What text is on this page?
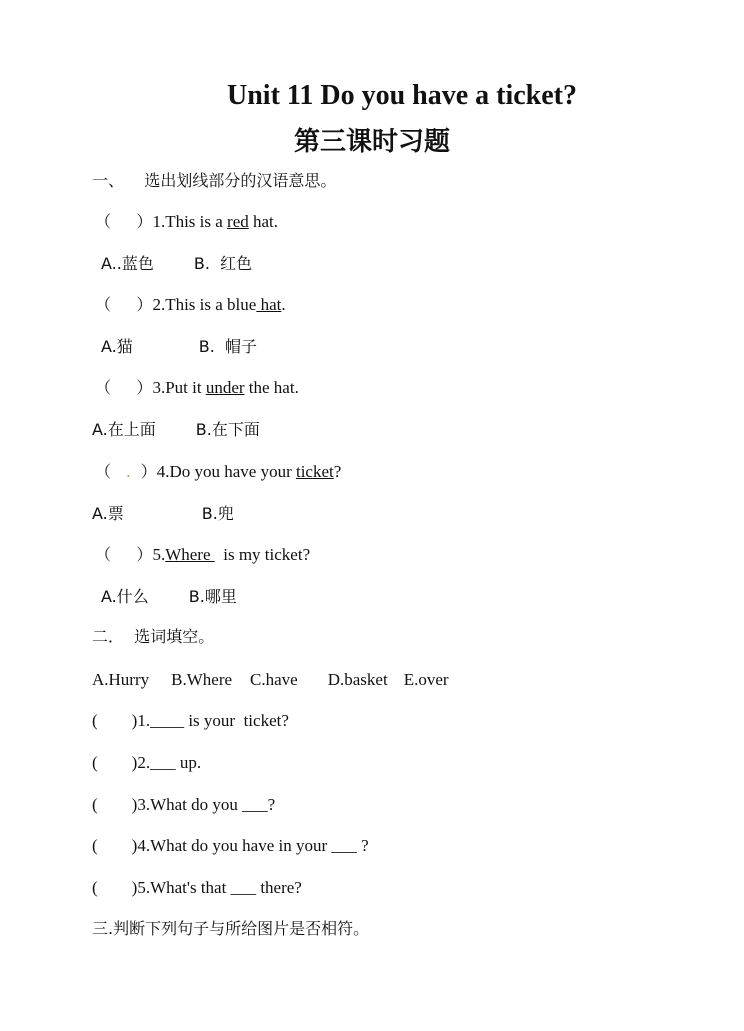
Unit 11 Do you have a ticket?
第三课时习题
一、 选出划线部分的汉语意思。
（     ）1.This is a red hat.
A..蓝色	B.  红色
（     ）2.This is a blue hat.
A.猫	B.  帽子
（     ）3.Put it under the hat.
A.在上面	B.在下面
（   .  ）4.Do you have your ticket?
A.票	B.兜
（     ）5.Where   is my ticket?
A.什么	B.哪里
二． 选词填空。
A.Hurry B.Where C.have D.basket E.over
(        )1.____ is your  ticket?
(        )2.___ up.
(        )3.What do you ___?
(        )4.What do you have in your ___ ?
(        )5.What's that ___ there?
三.判断下列句子与所给图片是否相符。
